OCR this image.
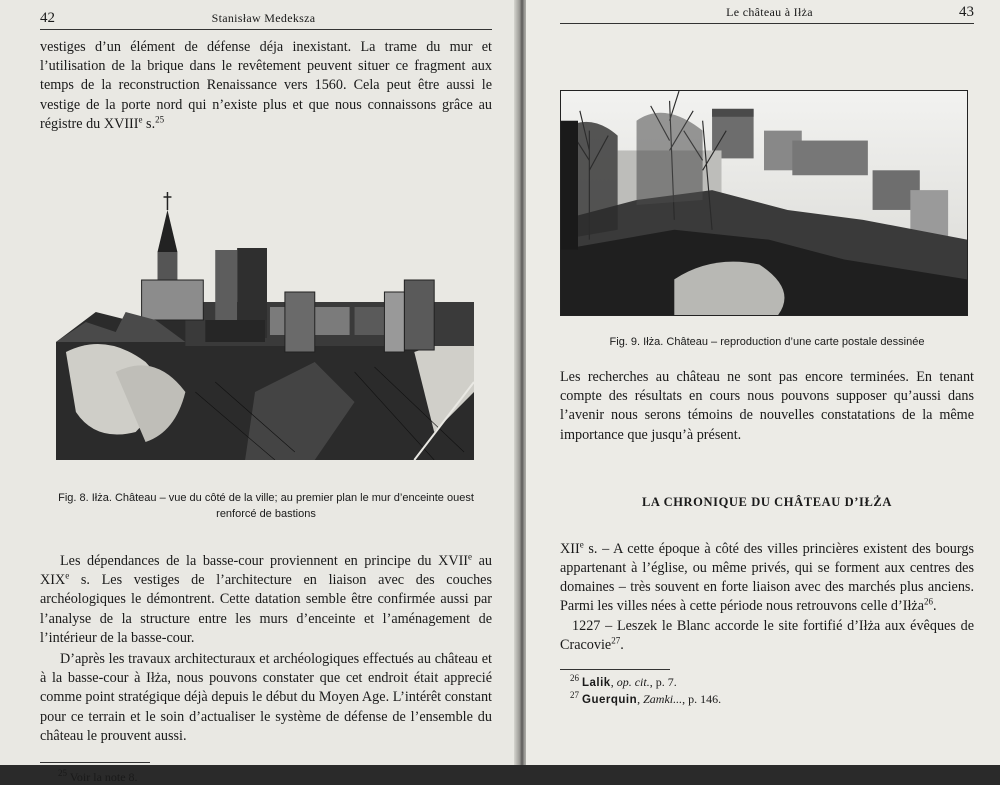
42	Stanisław Medeksza

vestiges d’un élément de défense déja inexistant. La trame du mur et l’utilisation de la brique dans le revêtement peuvent situer ce fragment aux temps de la reconstruction Renaissance vers 1560. Cela peut être aussi le vestige de la porte nord qui n’existe plus et que nous connaissons grâce au régistre du XVIIIe s.$^{25}$

Fig. 8. Iłża. Château – vue du côté de la ville; au premier plan le mur d’enceinte ouest renforcé de bastions

Les dépendances de la basse-cour proviennent en principe du XVIIe au XIXe s. Les vestiges de l’architecture en liaison avec des couches archéologiques le démontrent. Cette datation semble être confirmée aussi par l’analyse de la structure entre les murs d’enceinte et l’aménagement de l’intérieur de la basse-cour.

D’après les travaux architecturaux et archéologiques effectués au château et à la basse-cour à Iłża, nous pouvons constater que cet endroit était apprecié comme point stratégique déjà depuis le début du Moyen Age. L’intérêt constant pour ce terrain et le soin d’actualiser le système de défense de l’ensemble du château le prouvent aussi.

$^{25}$ Voir la note 8.
Le château à Iłża	43
Fig. 9. Iłża. Château – reproduction d’une carte postale dessinée

Les recherches au château ne sont pas encore terminées. En tenant compte des résultats en cours nous pouvons supposer qu’aussi dans l’avenir nous serons témoins de nouvelles constatations de la même importance que jusqu’à présent.

LA CHRONIQUE DU CHÂTEAU D’IŁŻA

XIIe s. – A cette époque à côté des villes princières existent des bourgs appartenant à l’église, ou même privés, qui se forment aux centres des domaines – très souvent en forte liaison avec des marchés plus anciens. Parmi les villes nées à cette période nous retrouvons celle d’Iłża$^{26}$.

1227 – Leszek le Blanc accorde le site fortifié d’Iłża aux évêques de Cracovie$^{27}$.

$^{26}$ Lalik, op. cit., p. 7.
$^{27}$ Guerquin, Zamki..., p. 146.
